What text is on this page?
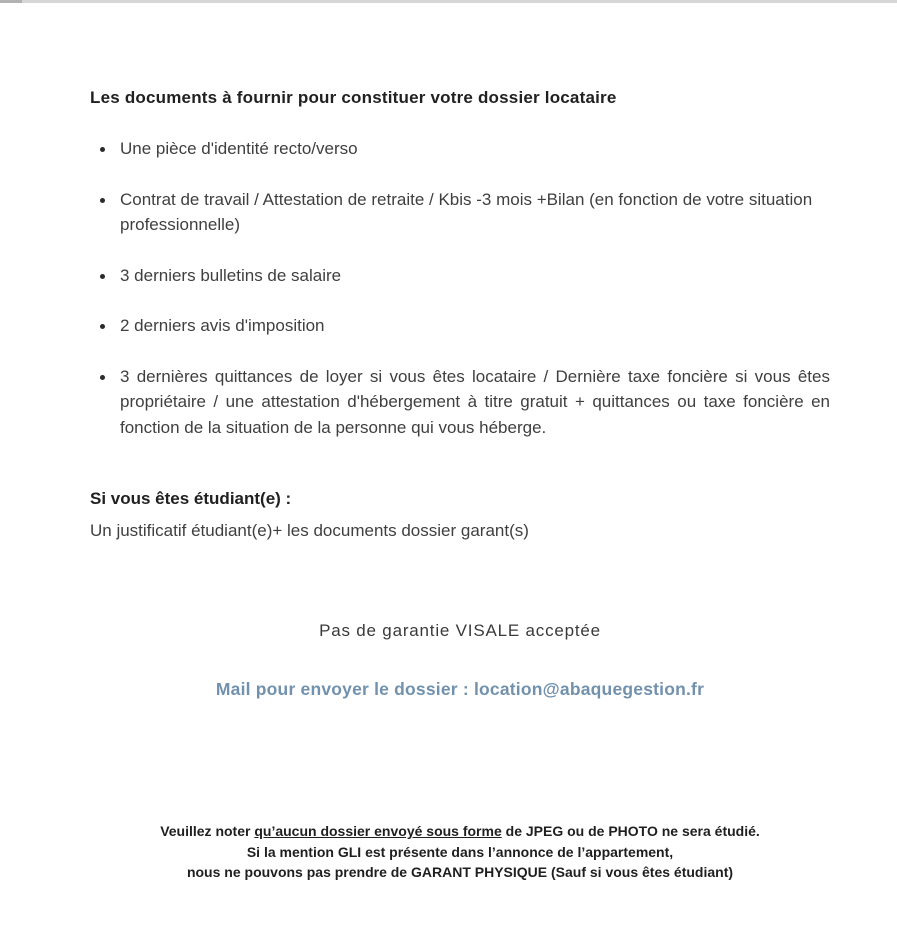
Les documents à fournir pour constituer votre dossier locataire
Une pièce d'identité recto/verso
Contrat de travail / Attestation de retraite / Kbis -3 mois +Bilan (en fonction de votre situation professionnelle)
3 derniers bulletins de salaire
2 derniers avis d'imposition
3 dernières quittances de loyer si vous êtes locataire / Dernière taxe foncière si vous êtes propriétaire / une attestation d'hébergement à titre gratuit + quittances ou taxe foncière en fonction de la situation de la personne qui vous héberge.

Si vous êtes étudiant(e) :

Un justificatif étudiant(e)+ les documents dossier garant(s)

Pas de garantie VISALE acceptée

Mail pour envoyer le dossier : location@abaquegestion.fr

Veuillez noter qu’aucun dossier envoyé sous forme de JPEG ou de PHOTO ne sera étudié.

Si la mention GLI est présente dans l’annonce de l’appartement,

nous ne pouvons pas prendre de GARANT PHYSIQUE (Sauf si vous êtes étudiant)
